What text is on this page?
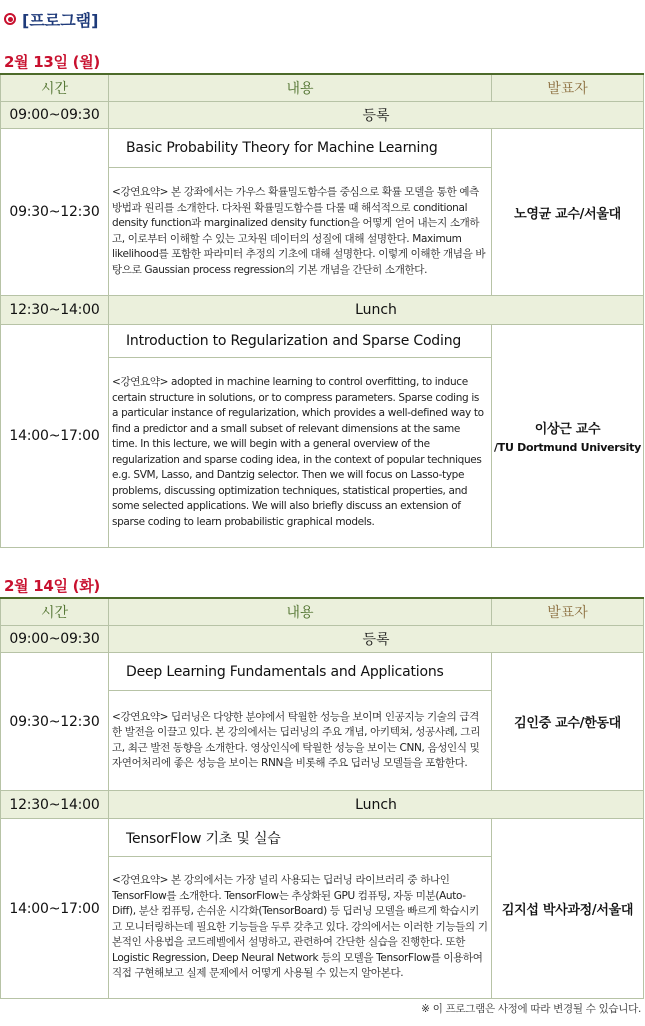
[프로그램]
2월 13일 (월)
시간	내용	발표자
09:00~09:30	등록	
09:30~12:30	Basic Probability Theory for Machine Learning	노영균 교수/서울대
	<강연요약> 본 강좌에서는 가우스 확률밀도함수를 중심으로 확률 모델을 통한 예측 방법과 원리를 소개한다. 다차원 확률밀도함수를 다룰 때 해석적으로 conditional density function과 marginalized density function을 어떻게 얻어 내는지 소개하고, 이로부터 이해할 수 있는 고차원 데이터의 성질에 대해 설명한다. Maximum likelihood를 포함한 파라미터 추정의 기초에 대해 설명한다. 이렇게 이해한 개념을 바탕으로 Gaussian process regression의 기본 개념을 간단히 소개한다.	
12:30~14:00	Lunch	
14:00~17:00	Introduction to Regularization and Sparse Coding	이상근 교수
/TU Dortmund University

	<강연요약> adopted in machine learning to control overfitting, to induce certain structure in solutions, or to compress parameters. Sparse coding is a particular instance of regularization, which provides a well-defined way to find a predictor and a small subset of relevant dimensions at the same time. In this lecture, we will begin with a general overview of the regularization and sparse coding idea, in the context of popular techniques e.g. SVM, Lasso, and Dantzig selector. Then we will focus on Lasso-type problems, discussing optimization techniques, statistical properties, and some selected applications. We will also briefly discuss an extension of sparse coding to learn probabilistic graphical models.	
2월 14일 (화)
시간	내용	발표자
09:00~09:30	등록	
09:30~12:30	Deep Learning Fundamentals and Applications	김인중 교수/한동대
	<강연요약> 딥러닝은 다양한 분야에서 탁월한 성능을 보이며 인공지능 기술의 급격한 발전을 이끌고 있다. 본 강의에서는 딥러닝의 주요 개념, 아키텍쳐, 성공사례, 그리고, 최근 발전 동향을 소개한다. 영상인식에 탁월한 성능을 보이는 CNN, 음성인식 및 자연어처리에 좋은 성능을 보이는 RNN을 비롯해 주요 딥러닝 모델들을 포함한다.	
12:30~14:00	Lunch	
14:00~17:00	TensorFlow 기초 및 실습	김지섭 박사과정/서울대
	<강연요약> 본 강의에서는 가장 널리 사용되는 딥러닝 라이브러리 중 하나인 TensorFlow를 소개한다. TensorFlow는 추상화된 GPU 컴퓨팅, 자동 미분(Auto-Diff), 분산 컴퓨팅, 손쉬운 시각화(TensorBoard) 등 딥러닝 모델을 빠르게 학습시키고 모니터링하는데 필요한 기능들을 두루 갖추고 있다. 강의에서는 이러한 기능들의 기본적인 사용법을 코드레벨에서 설명하고, 관련하여 간단한 실습을 진행한다. 또한 Logistic Regression, Deep Neural Network 등의 모델을 TensorFlow를 이용하여 직접 구현해보고 실제 문제에서 어떻게 사용될 수 있는지 알아본다.	
※ 이 프로그램은 사정에 따라 변경될 수 있습니다.
